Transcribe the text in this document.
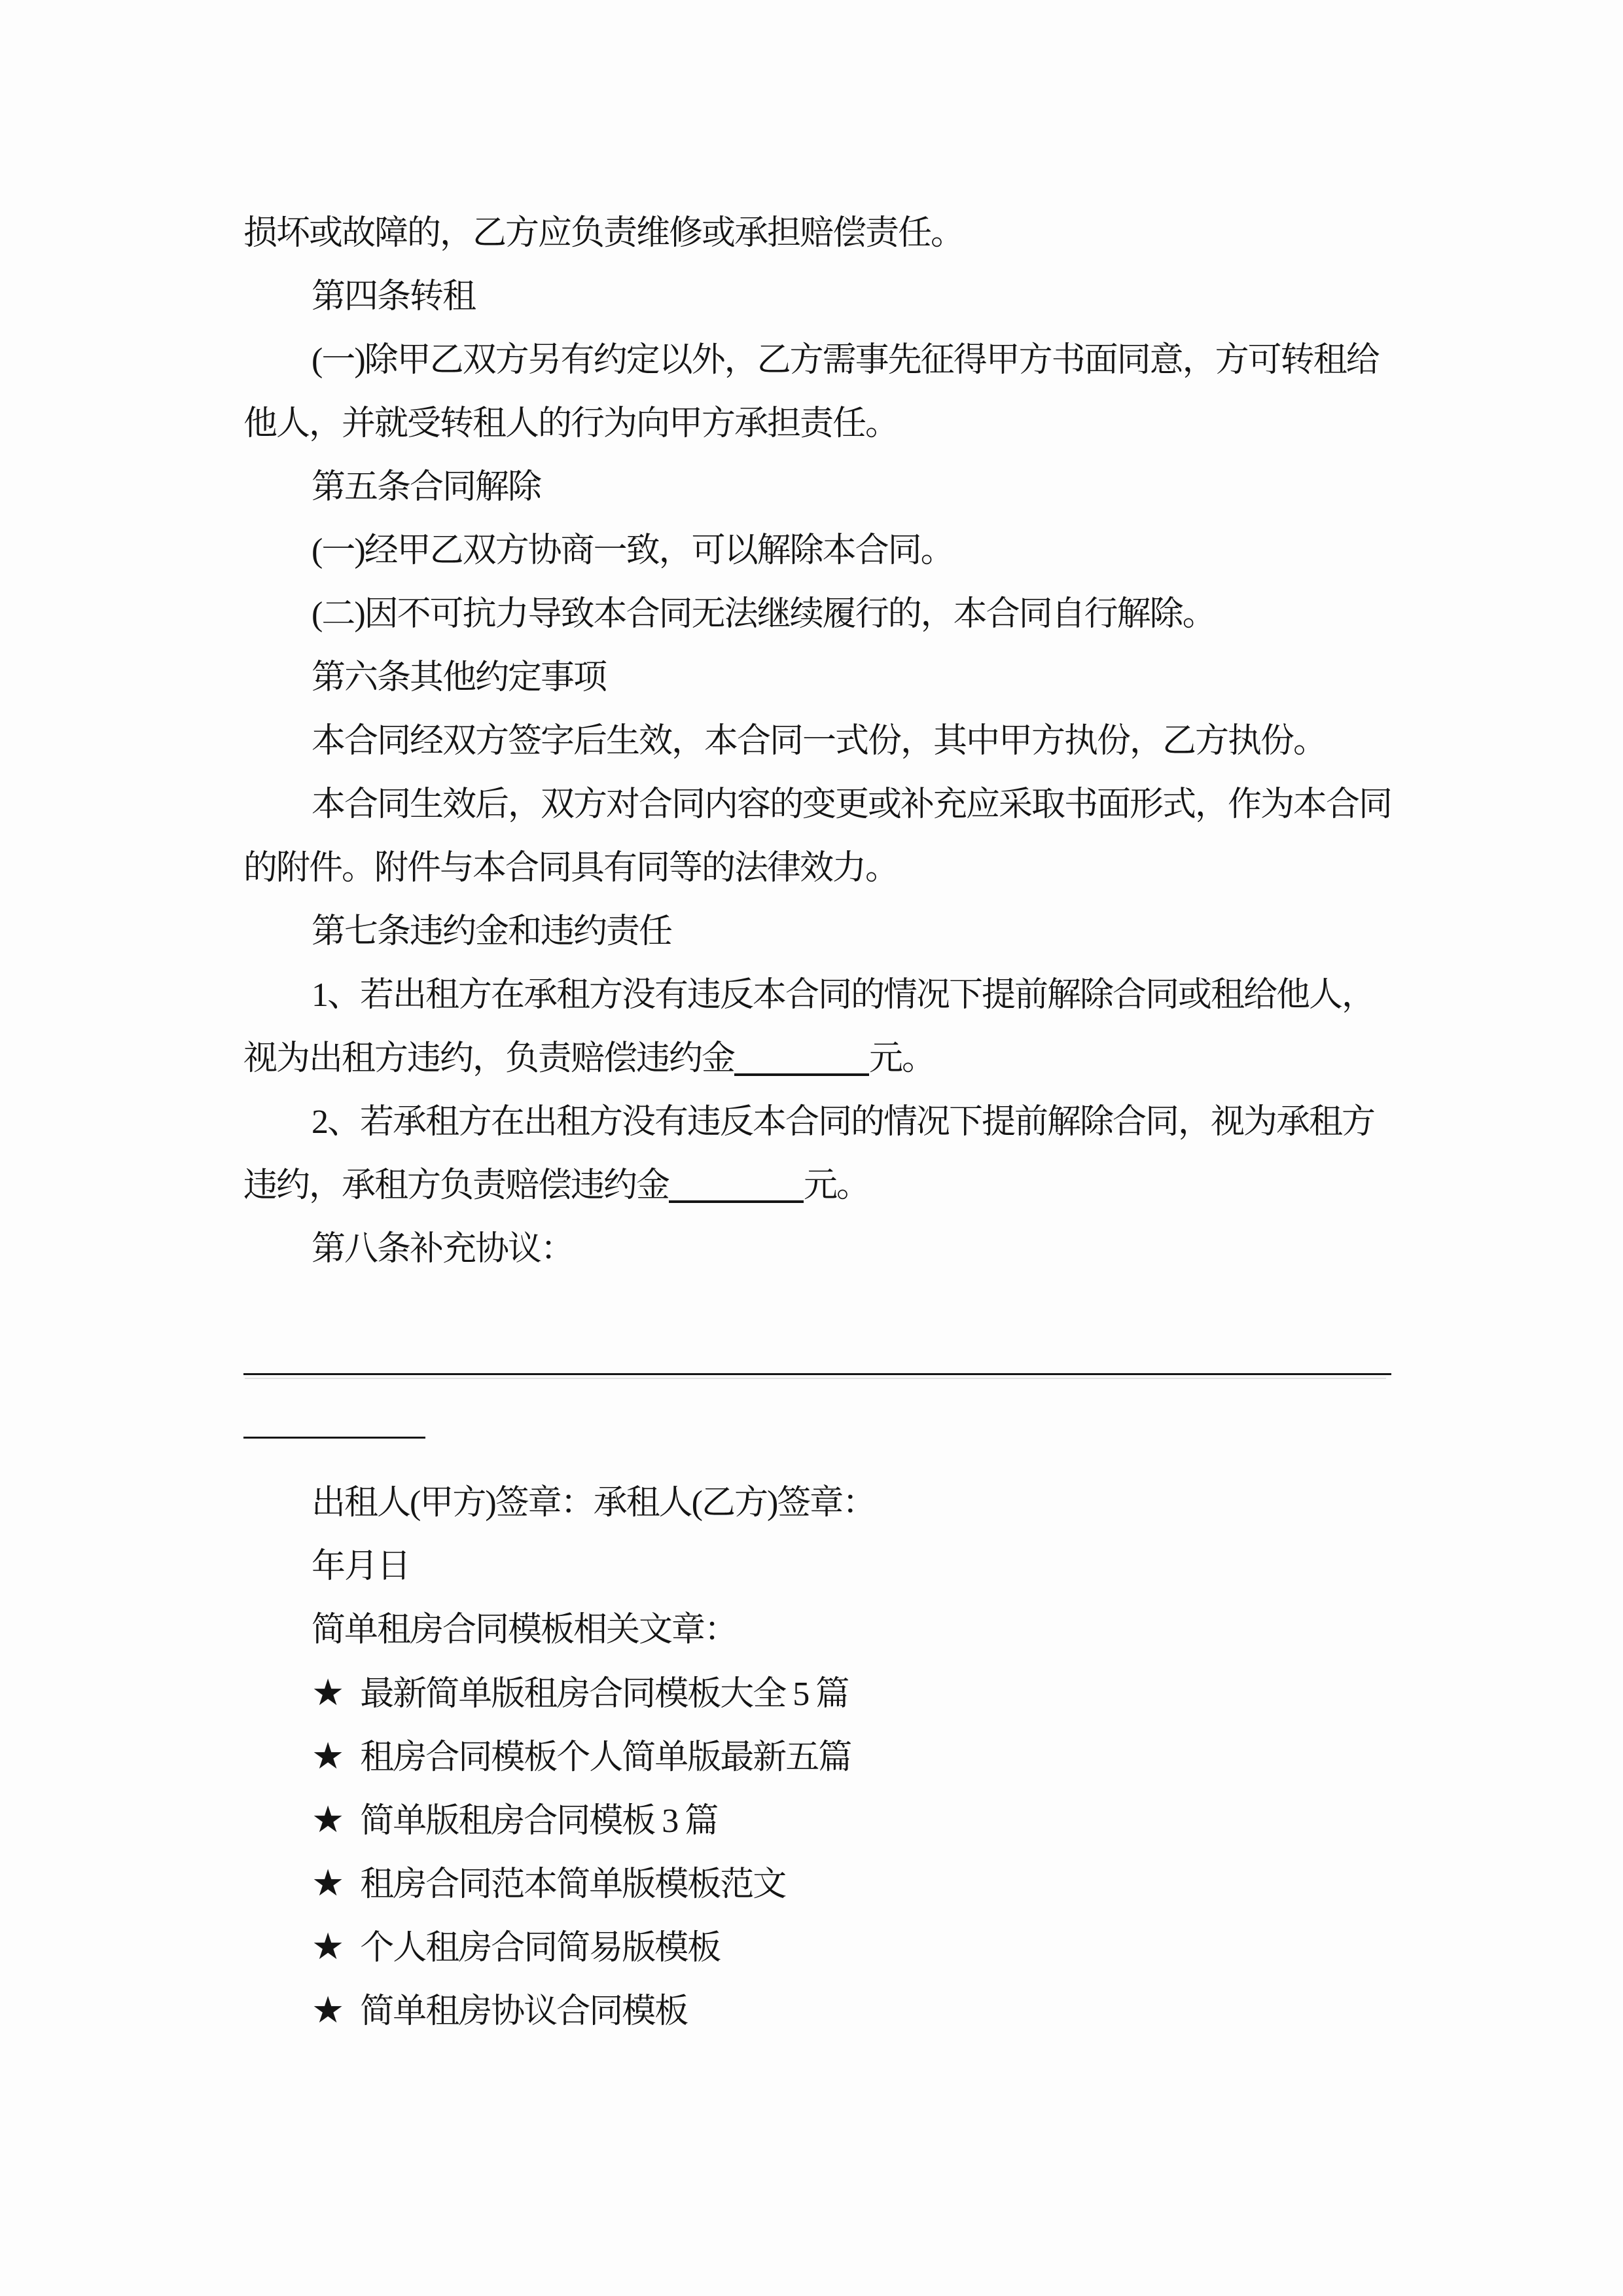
损坏或故障的，乙方应负责维修或承担赔偿责任。
第四条转租
(一)除甲乙双方另有约定以外，乙方需事先征得甲方书面同意，方可转租给
他人，并就受转租人的行为向甲方承担责任。
第五条合同解除
(一)经甲乙双方协商一致，可以解除本合同。
(二)因不可抗力导致本合同无法继续履行的，本合同自行解除。
第六条其他约定事项
本合同经双方签字后生效，本合同一式份，其中甲方执份，乙方执份。
本合同生效后，双方对合同内容的变更或补充应采取书面形式，作为本合同
的附件。附件与本合同具有同等的法律效力。
第七条违约金和违约责任
1、若出租方在承租方没有违反本合同的情况下提前解除合同或租给他人，
视为出租方违约，负责赔偿违约金	元。
2、若承租方在出租方没有违反本合同的情况下提前解除合同，视为承租方
违约，承租方负责赔偿违约金	元。
第八条补充协议：
出租人(甲方)签章：承租人(乙方)签章：
年月日
简单租房合同模板相关文章：
★ 最新简单版租房合同模板大全 5 篇
★ 租房合同模板个人简单版最新五篇
★ 简单版租房合同模板 3 篇
★ 租房合同范本简单版模板范文
★ 个人租房合同简易版模板
★ 简单租房协议合同模板
